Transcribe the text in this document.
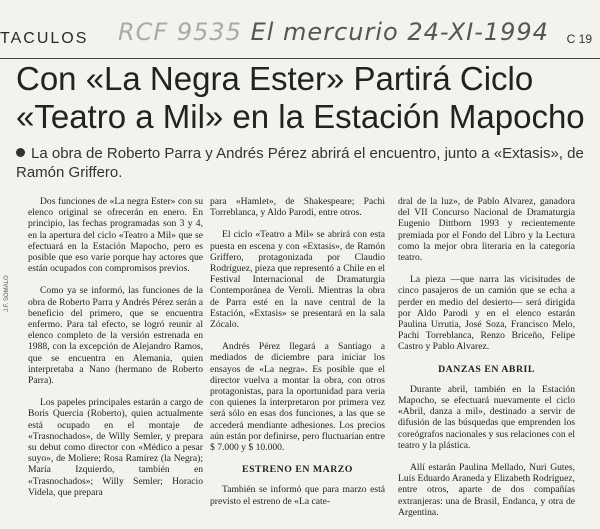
TACULOS RCF 9535 El mercurio 24-XI-1994 C 19
Con «La Negra Ester» Partirá Ciclo
«Teatro a Mil» en la Estación Mapocho
La obra de Roberto Parra y Andrés Pérez abrirá el encuentro, junto a «Extasis», de Ramón Griffero.
J.F. SOMALO

Dos funciones de «La negra Ester» con su elenco original se ofrecerán en enero. En principio, las fechas programadas son 3 y 4, en la apertura del ciclo «Teatro a Mil» que se efectuará en la Estación Mapocho, pero es posible que eso varíe porque hay actores que están ocupados con compromisos previos.

Como ya se informó, las funciones de la obra de Roberto Parra y Andrés Pérez serán a beneficio del primero, que se encuentra enfermo. Para tal efecto, se logró reunir al elenco completo de la versión estrenada en 1988, con la excepción de Alejandro Ramos, que se encuentra en Alemania, quien interpretaba a Nano (hermano de Roberto Parra).

Los papeles principales estarán a cargo de Boris Quercia (Roberto), quien actualmente está ocupado en el montaje de «Trasnochados», de Willy Semler, y prepara su debut como director con «Médico a pesar suyo», de Moliere; Rosa Ramírez (la Negra); María Izquierdo, también en «Trasnochados»; Willy Semler; Horacio Videla, que prepara

para «Hamlet», de Shakespeare; Pachi Torreblanca, y Aldo Parodi, entre otros.

El ciclo «Teatro a Mil» se abrirá con esta puesta en escena y con «Extasis», de Ramón Griffero, protagonizada por Claudio Rodríguez, pieza que representó a Chile en el Festival Internacional de Dramaturgia Contemporánea de Veroli. Mientras la obra de Parra esté en la nave central de la Estación, «Extasis» se presentará en la sala Zócalo.

Andrés Pérez llegará a Santiago a mediados de diciembre para iniciar los ensayos de «La negra». Es posible que el director vuelva a montar la obra, con otros protagonistas, para la oportunidad para veria con quienes la interpretaron por primera vez será sólo en esas dos funciones, a las que se accederá mendiante adhesiones. Los precios aún están por definirse, pero fluctuarían entre $ 7.000 y $ 10.000.

ESTRENO EN MARZO

También se informó que para marzo está previsto el estreno de «La cate-

dral de la luz», de Pablo Alvarez, ganadora del VII Concurso Nacional de Dramaturgia Eugenio Dittborn 1993 y recientemente premiada por el Fondo del Libro y la Lectura como la mejor obra literaria en la categoría teatro.

La pieza —que narra las vicisitudes de cinco pasajeros de un camión que se echa a perder en medio del desierto— será dirigida por Aldo Parodi y en el elenco estarán Paulina Urrutia, José Soza, Francisco Melo, Pachi Torreblanca, Renzo Briceño, Felipe Castro y Pablo Alvarez.

DANZAS EN ABRIL

Durante abril, también en la Estación Mapocho, se efectuará nuevamente el ciclo «Abril, danza a mil», destinado a servir de difusión de las búsquedas que emprenden los coreógrafos nacionales y sus relaciones con el teatro y la plástica.

Allí estarán Paulina Mellado, Nuri Gutes, Luis Eduardo Araneda y Elizabeth Rodríguez, entre otros, aparte de dos compañías extranjeras: una de Brasil, Endanca, y otra de Argentina.
